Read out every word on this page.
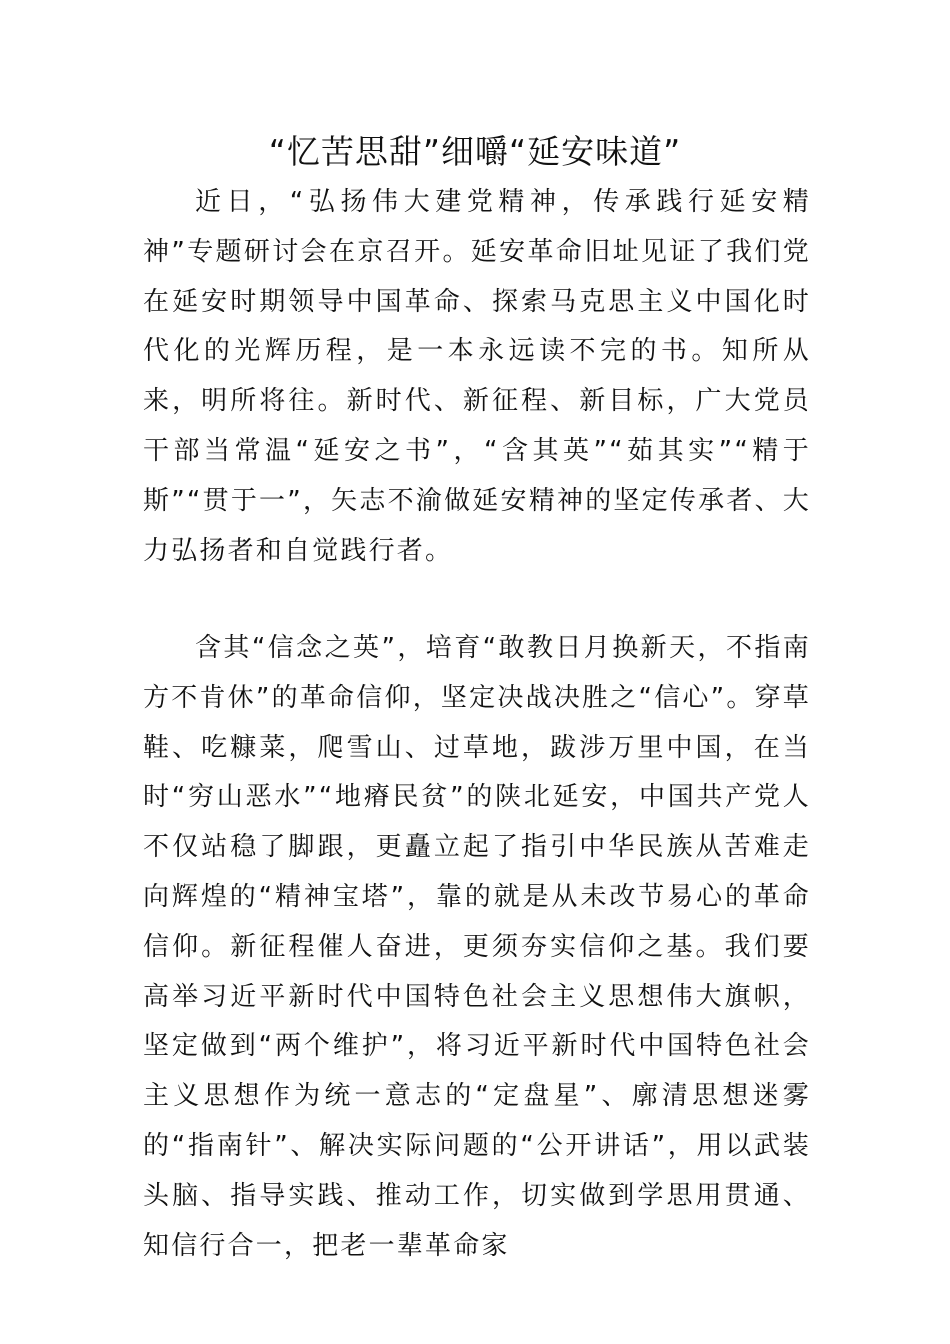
“忆苦思甜”细嚼“延安味道”

近日，“弘扬伟大建党精神，传承践行延安精神”专题研讨会在京召开。延安革命旧址见证了我们党在延安时期领导中国革命、探索马克思主义中国化时代化的光辉历程，是一本永远读不完的书。知所从来，明所将往。新时代、新征程、新目标，广大党员干部当常温“延安之书”，“含其英”“茹其实”“精于斯”“贯于一”，矢志不渝做延安精神的坚定传承者、大力弘扬者和自觉践行者。

含其“信念之英”，培育“敢教日月换新天，不指南方不肯休”的革命信仰，坚定决战决胜之“信心”。穿草鞋、吃糠菜，爬雪山、过草地，跋涉万里中国，在当时“穷山恶水”“地瘠民贫”的陕北延安，中国共产党人不仅站稳了脚跟，更矗立起了指引中华民族从苦难走向辉煌的“精神宝塔”，靠的就是从未改节易心的革命信仰。新征程催人奋进，更须夯实信仰之基。我们要高举习近平新时代中国特色社会主义思想伟大旗帜，坚定做到“两个维护”，将习近平新时代中国特色社会主义思想作为统一意志的“定盘星”、廓清思想迷雾的“指南针”、解决实际问题的“公开讲话”，用以武装头脑、指导实践、推动工作，切实做到学思用贯通、知信行合一，把老一辈革命家
